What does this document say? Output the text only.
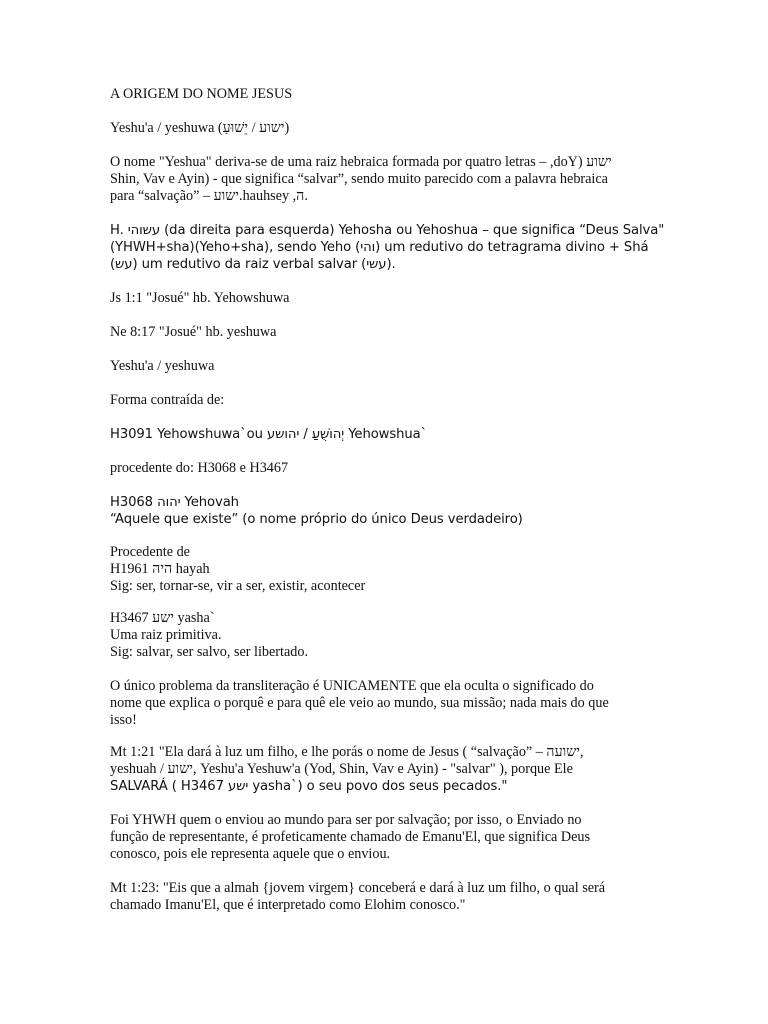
A ORIGEM DO NOME JESUS

Yeshu'a / yeshuwa (ישוע / יֵשׁוּעַ)

O nome "Yeshua" deriva-se de uma raiz hebraica formada por quatro letras – ,doY) ישוע
Shin, Vav e Ayin) - que significa “salvar”, sendo muito parecido com a palavra hebraica
para “salvação” – ישוע.hauhsey ,ה.

H. עשוהי (da direita para esquerda) Yehosha ou Yehoshua – que significa “Deus Salva"
(YHWH+sha)(Yeho+sha), sendo Yeho (והי) um redutivo do tetragrama divino + Shá
(עש) um redutivo da raiz verbal salvar (עשי).

Js 1:1 "Josué" hb. Yehowshuwa

Ne 8:17 "Josué" hb. yeshuwa

Yeshu'a / yeshuwa

Forma contraída de:

H3091 Yehowshuwa`ou יְהוֹשֻׁעַ / יהושע Yehowshua`

procedente do: H3068 e H3467

H3068 יהוה Yehovah
“Aquele que existe” (o nome próprio do único Deus verdadeiro)

Procedente de
H1961 היה hayah
Sig: ser, tornar-se, vir a ser, existir, acontecer

H3467 ישע yasha`
Uma raiz primitiva.
Sig: salvar, ser salvo, ser libertado.

O único problema da transliteração é UNICAMENTE que ela oculta o significado do
nome que explica o porquê e para quê ele veio ao mundo, sua missão; nada mais do que
isso!

Mt 1:21 "Ela dará à luz um filho, e lhe porás o nome de Jesus ( “salvação” – ישועה,
yeshuah / ישוע, Yeshu'a Yeshuw'a (Yod, Shin, Vav e Ayin) - "salvar" ), porque Ele
SALVARÁ ( H3467 ישע yasha`) o seu povo dos seus pecados."

Foi YHWH quem o enviou ao mundo para ser por salvação; por isso, o Enviado no
função de representante, é profeticamente chamado de Emanu'El, que significa Deus
conosco, pois ele representa aquele que o enviou.

Mt 1:23: "Eis que a almah {jovem virgem} conceberá e dará à luz um filho, o qual será
chamado Imanu'El, que é interpretado como Elohim conosco."
